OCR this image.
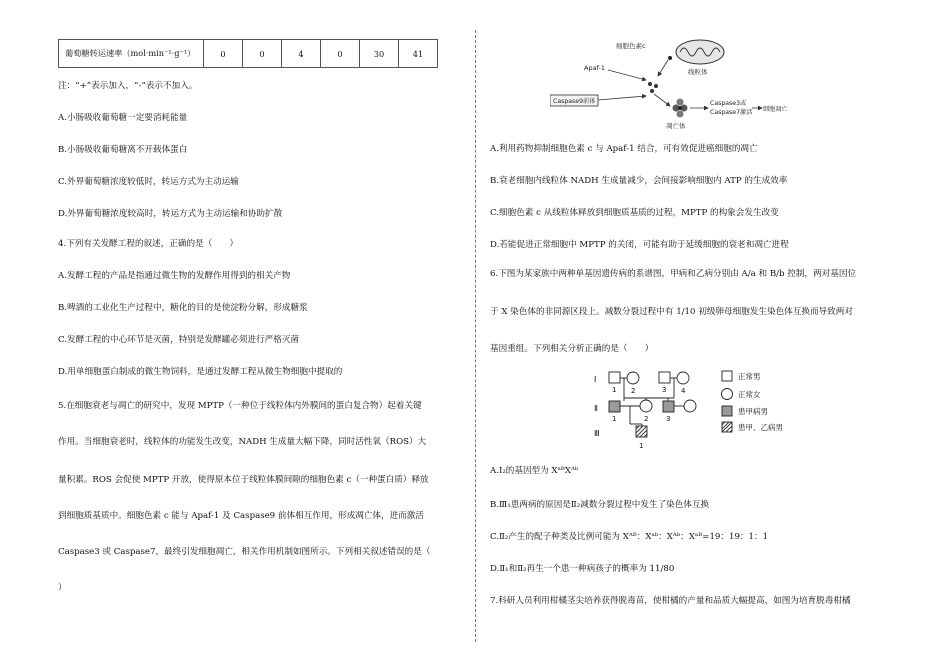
葡萄糖转运速率（mol·min⁻¹·g⁻¹）	0	0	4	0	30	41
注：“+”表示加入，“-”表示不加入。
A.小肠吸收葡萄糖一定要消耗能量
B.小肠吸收葡萄糖离不开载体蛋白
C.外界葡萄糖浓度较低时，转运方式为主动运输
D.外界葡萄糖浓度较高时，转运方式为主动运输和协助扩散
4.下列有关发酵工程的叙述，正确的是（　　）
A.发酵工程的产品是指通过微生物的发酵作用得到的相关产物
B.啤酒的工业化生产过程中，糖化的目的是使淀粉分解，形成糖浆
C.发酵工程的中心环节是灭菌，特别是发酵罐必须进行严格灭菌
D.用单细胞蛋白制成的微生物饲料，是通过发酵工程从微生物细胞中提取的
5.在细胞衰老与凋亡的研究中，发现 MPTP（一种位于线粒体内外膜间的蛋白复合物）起着关键
作用。当细胞衰老时，线粒体的功能发生改变，NADH 生成量大幅下降，同时活性氧（ROS）大
量积累。ROS 会促使 MPTP 开放，使得原本位于线粒体膜间隙的细胞色素 c（一种蛋白质）释放
到细胞质基质中。细胞色素 c 能与 Apaf-1 及 Caspase9 前体相互作用，形成凋亡体，进而激活
Caspase3 或 Caspase7，最终引发细胞凋亡，相关作用机制如图所示。下列相关叙述错误的是（
）
细胞色素c
线粒体
Apaf-1
Caspase9前体
凋亡体
Caspase3或
Caspase7激活 细胞凋亡
A.利用药物抑制细胞色素 c 与 Apaf-1 结合，可有效促进癌细胞的凋亡
B.衰老细胞内线粒体 NADH 生成量减少，会间接影响细胞内 ATP 的生成效率
C.细胞色素 c 从线粒体释放到细胞质基质的过程，MPTP 的构象会发生改变
D.若能促进正常细胞中 MPTP 的关闭，可能有助于延缓细胞的衰老和凋亡进程
6.下图为某家族中两种单基因遗传病的系谱图，甲病和乙病分别由 A/a 和 B/b 控制，两对基因位
于 X 染色体的非同源区段上。减数分裂过程中有 1/10 初级卵母细胞发生染色体互换而导致两对
基因重组。下列相关分析正确的是（　　）
Ⅰ
Ⅱ
Ⅲ
1 2	3 4
1	2	3
1
正常男
正常女
患甲病男
患甲、乙病男
A.Ⅰ₂的基因型为 XᵃᴮXᴬᵇ
B.Ⅲ₁患两病的原因是Ⅱ₂减数分裂过程中发生了染色体互换
C.Ⅱ₂产生的配子种类及比例可能为 Xᴬᴮ：Xᵃᵇ：Xᴬᵇ：Xᵃᴮ=19：19：1：1
D.Ⅱ₁和Ⅱ₂再生一个患一种病孩子的概率为 11/80
7.科研人员利用柑橘茎尖培养获得脱毒苗，使柑橘的产量和品质大幅提高，如图为培育脱毒柑橘
